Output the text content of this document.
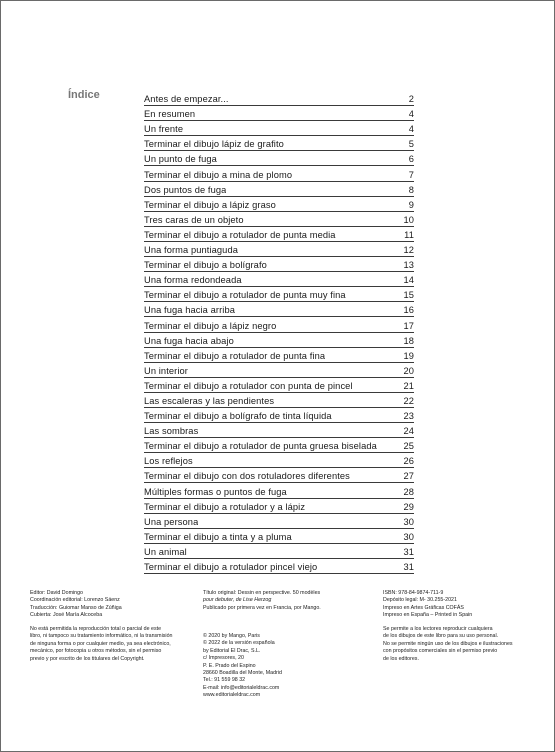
Índice	Antes de empezar...	2
En resumen	4
Un frente	4
Terminar el dibujo lápiz de grafito	5
Un punto de fuga	6
Terminar el dibujo a mina de plomo	7
Dos puntos de fuga	8
Terminar el dibujo a lápiz graso	9
Tres caras de un objeto	10
Terminar el dibujo a rotulador de punta media	11
Una forma puntiaguda	12
Terminar el dibujo a bolígrafo	13
Una forma redondeada	14
Terminar el dibujo a rotulador de punta muy fina	15
Una fuga hacia arriba	16
Terminar el dibujo a lápiz negro	17
Una fuga hacia abajo	18
Terminar el dibujo a rotulador de punta fina	19
Un interior	20
Terminar el dibujo a rotulador con punta de pincel	21
Las escaleras y las pendientes	22
Terminar el dibujo a bolígrafo de tinta líquida	23
Las sombras	24
Terminar el dibujo a rotulador de punta gruesa biselada	25
Los reflejos	26
Terminar el dibujo con dos rotuladores diferentes	27
Múltiples formas o puntos de fuga	28
Terminar el dibujo a rotulador y a lápiz	29
Una persona	30
Terminar el dibujo a tinta y a pluma	30
Un animal	31
Terminar el dibujo a rotulador pincel viejo	31
Editor: David Domingo
Coordinación editorial: Lorenzo Sáenz
Traducción: Guiomar Manso de Zúñiga
Cubierta: José María Alcoceba
No está permitida la reproducción total o parcial de este
libro, ni tampoco su tratamiento informático, ni la transmisión
de ninguna forma o por cualquier medio, ya sea electrónico,
mecánico, por fotocopia u otros métodos, sin el permiso
previo y por escrito de los titulares del Copyright.
Título original: Dessin en perspective. 50 modèles
pour debuter, de Lise Herzog
Publicado por primera vez en Francia, por Mango.
© 2020 by Mango, Paris
© 2022 de la versión española
by Editorial El Drac, S.L.
c/ Impresores, 20
P. E. Prado del Espino
28660 Boadilla del Monte, Madrid
Tel.: 91 559 98 32
E-mail: info@editorialeldrac.com
www.editorialeldrac.com
ISBN: 978-84-9874-711-9
Depósito legal: M- 30.255-2021
Impreso en Artes Gráficas COFÁS
Impreso en España – Printed in Spain
Se permite a los lectores reproducir cualquiera
de los dibujos de este libro para su uso personal.
No se permite ningún uso de los dibujos e ilustraciones
con propósitos comerciales sin el permiso previo
de los editores.
